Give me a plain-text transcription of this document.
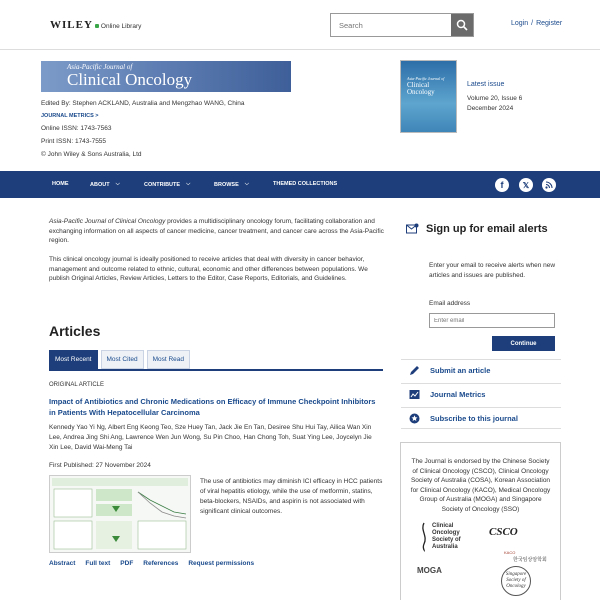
WILEY Online Library
Search	Login / Register
Asia-Pacific Journal of
Clinical Oncology
Edited By: Stephen ACKLAND, Australia and Mengzhao WANG, China
JOURNAL METRICS >
Online ISSN: 1743-7563
Print ISSN: 1743-7555
© John Wiley & Sons Australia, Ltd
Asia-Pacific Journal of
Clinical
Oncology
Latest issue
Volume 20, Issue 6
December 2024
HOME	ABOUT ⌵	CONTRIBUTE ⌵	BROWSE ⌵	THEMED COLLECTIONS	f 𝕏
Asia-Pacific Journal of Clinical Oncology provides a multidisciplinary oncology forum, facilitating collaboration and exchanging information on all aspects of cancer medicine, cancer treatment, and cancer care across the Asia-Pacific region.
This clinical oncology journal is ideally positioned to receive articles that deal with diversity in cancer behavior, management and outcome related to ethnic, cultural, economic and other differences between populations. We publish Original Articles, Review Articles, Letters to the Editor, Case Reports, Editorials, and Guidelines.
Articles
Most Recent	Most Cited	Most Read
ORIGINAL ARTICLE
Impact of Antibiotics and Chronic Medications on Efficacy of Immune Checkpoint Inhibitors in Patients With Hepatocellular Carcinoma
Kennedy Yao Yi Ng, Albert Eng Keong Teo, Sze Huey Tan, Jack Jie En Tan, Desiree Shu Hui Tay, Ailica Wan Xin Lee, Andrea Jing Shi Ang, Lawrence Wen Jun Wong, Su Pin Choo, Han Chong Toh, Suat Ying Lee, Joycelyn Jie Xin Lee, David Wai-Meng Tai
First Published: 27 November 2024
The use of antibiotics may diminish ICI efficacy in HCC patients of viral hepatitis etiology, while the use of metformin, statins, beta-blockers, NSAIDs, and aspirin is not associated with significant clinical outcomes.
Abstract Full text PDF References Request permissions
Sign up for email alerts
Enter your email to receive alerts when new articles and issues are published.
Email address
Enter email
Continue
Submit an article
Journal Metrics
Subscribe to this journal
The Journal is endorsed by the Chinese Society of Clinical Oncology (CSCO), Clinical Oncology Society of Australia (COSA), Korean Association for Clinical Oncology (KACO), Medical Oncology Group of Australia (MOGA) and Singapore Society of Oncology (SSO)
Clinical Oncology Society of Australia
CSCO
KACO
한국임상암학회
MOGA	Singapore Society of Oncology
